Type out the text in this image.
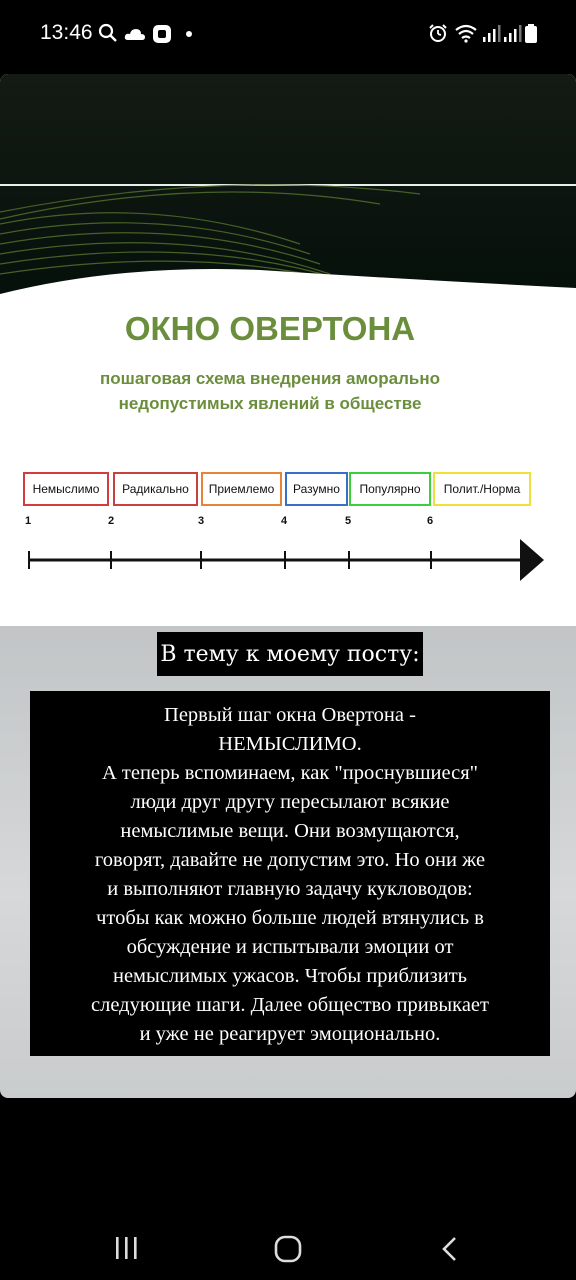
13:46
ОКНО ОВЕРТОНА
пошаговая схема внедрения аморально
недопустимых явлений в обществе
Немыслимо	Радикально	Приемлемо	Разумно	Популярно	Полит./Норма
1	2	3	4	5	6
В тему к моему посту:
Первый шаг окна Овертона -
НЕМЫСЛИМО.
А теперь вспоминаем, как "проснувшиеся"
люди друг другу пересылают всякие
немыслимые вещи. Они возмущаются,
говорят, давайте не допустим это. Но они же
и выполняют главную задачу кукловодов:
чтобы как можно больше людей втянулись в
обсуждение и испытывали эмоции от
немыслимых ужасов. Чтобы приблизить
следующие шаги. Далее общество привыкает
и уже не реагирует эмоционально.
